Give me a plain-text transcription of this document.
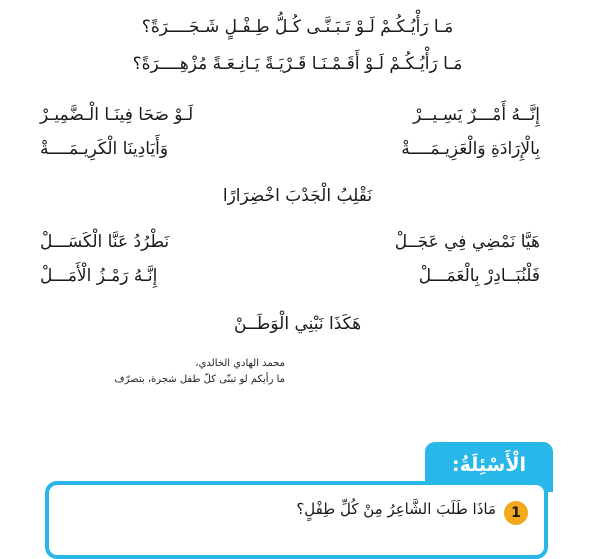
مَـا رَأْيُـكُـمْ لَـوْ تَـبَـنَّـى كُـلُّ طِـفْـلٍ شَـجَــــرَةً؟
مَـا رَأْيُـكُـمْ لَـوْ أَقَـمْـنَـا قَـرْيَـةً يَـانِـعَـةً مُزْهِــــرَةً؟
إِنَّــهُ أَمْـــرٌ يَسِـيــرْ
لَـوْ صَحَا فِينَـا الْـضَّمِيـرْ
بِالْإِرَادَةِ وَالْعَزِيـمَــــةْ
وَأَيَادِينَا الْكَرِيـمَــــةْ
نَقْلِبُ الْجَدْبَ اخْضِرَارًا
هَيَّا نَمْضِي فِي عَجَــلْ
نَطْرُدُ عَنَّا الْكَسَـــلْ
فَلْنُبَــادِرْ بِالْعَمَـــلْ
إِنَّـهُ رَمْـزُ الْأَمَـــلْ
هَكَذَا نَبْنِي الْوَطَــنْ
محمد الهادي الخالدي،
ما رأيكم لو تبنّى كلّ طفل شجرة، بتصرّف
الْأَسْئِلَةُ:
1
مَاذَا طَلَبَ الشَّاعِرُ مِنْ كُلِّ طِفْلٍ؟
